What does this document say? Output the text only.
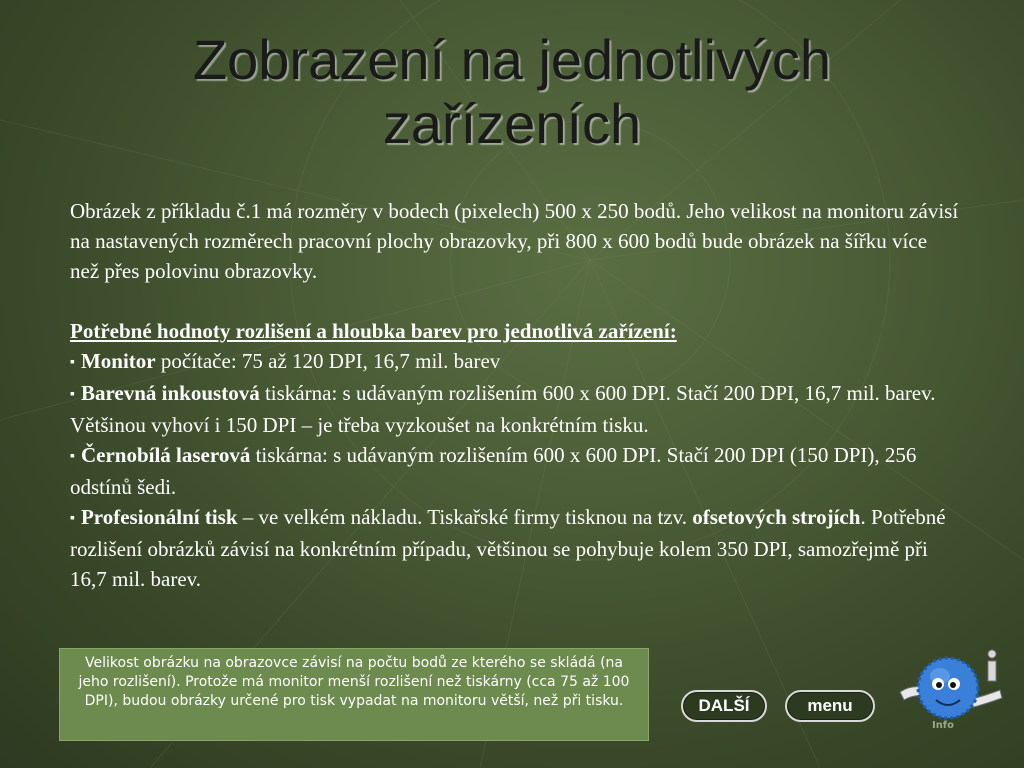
Zobrazení na jednotlivých
zařízeních

Obrázek z příkladu č.1 má rozměry v bodech (pixelech) 500 x 250 bodů. Jeho velikost na monitoru závisí na nastavených rozměrech pracovní plochy obrazovky, při 800 x 600 bodů bude obrázek na šířku více než přes polovinu obrazovky.

Potřebné hodnoty rozlišení a hloubka barev pro jednotlivá zařízení:

▪ Monitor počítače: 75 až 120 DPI, 16,7 mil. barev

▪ Barevná inkoustová tiskárna: s udávaným rozlišením 600 x 600 DPI. Stačí 200 DPI, 16,7 mil. barev. Většinou vyhoví i 150 DPI – je třeba vyzkoušet na konkrétním tisku.

▪ Černobílá laserová tiskárna: s udávaným rozlišením 600 x 600 DPI. Stačí 200 DPI (150 DPI), 256 odstínů šedi.

▪ Profesionální tisk – ve velkém nákladu. Tiskařské firmy tisknou na tzv. ofsetových strojích. Potřebné rozlišení obrázků závisí na konkrétním případu, většinou se pohybuje kolem 350 DPI, samozřejmě při 16,7 mil. barev.

Velikost obrázku na obrazovce závisí na počtu bodů ze kterého se skládá (na jeho rozlišení). Protože má monitor menší rozlišení než tiskárny (cca 75 až 100 DPI), budou obrázky určené pro tisk vypadat na monitoru větší, než při tisku.	DALŠÍ	menu
Info
